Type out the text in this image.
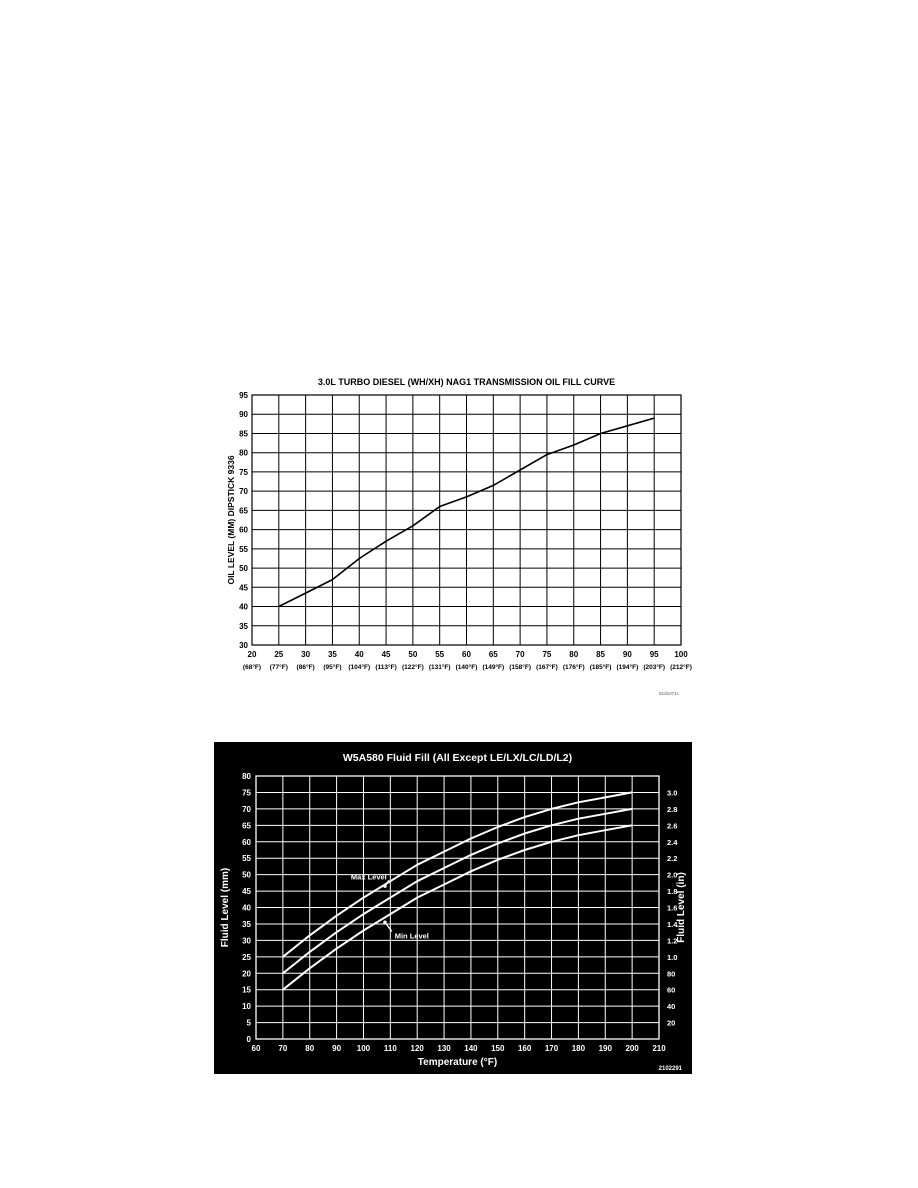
3.0L TURBO DIESEL (WH/XH) NAG1 TRANSMISSION OIL FILL CURVE
30
35
40
45
50
55
60
65
70
75
80
85
90
95
20
(68°F)
25
(77°F)
30
(86°F)
35
(95°F)
40
(104°F)
45
(113°F)
50
(122°F)
55
(131°F)
60
(140°F)
65
(149°F)
70
(158°F)
75
(167°F)
80
(176°F)
85
(185°F)
90
(194°F)
95
(203°F)
100
(212°F)
OIL LEVEL (MM) DIPSTICK 9336
81d1071c
W5A580 Fluid Fill (All Except LE/LX/LC/LD/L2)
0
5
10
15
20
25
30
35
40
45
50
55
60
65
70
75
80
60 70 80 90 100 110 120 130 140 150 160 170 180 190 200 210
20
40
60
80
1.0
1.2
1.4
1.6
1.8
2.0
2.2
2.4
2.6
2.8
3.0
Temperature (°F)
Fluid Level (mm)	Fluid Level (in)
Max Level
Min Level
2102291
